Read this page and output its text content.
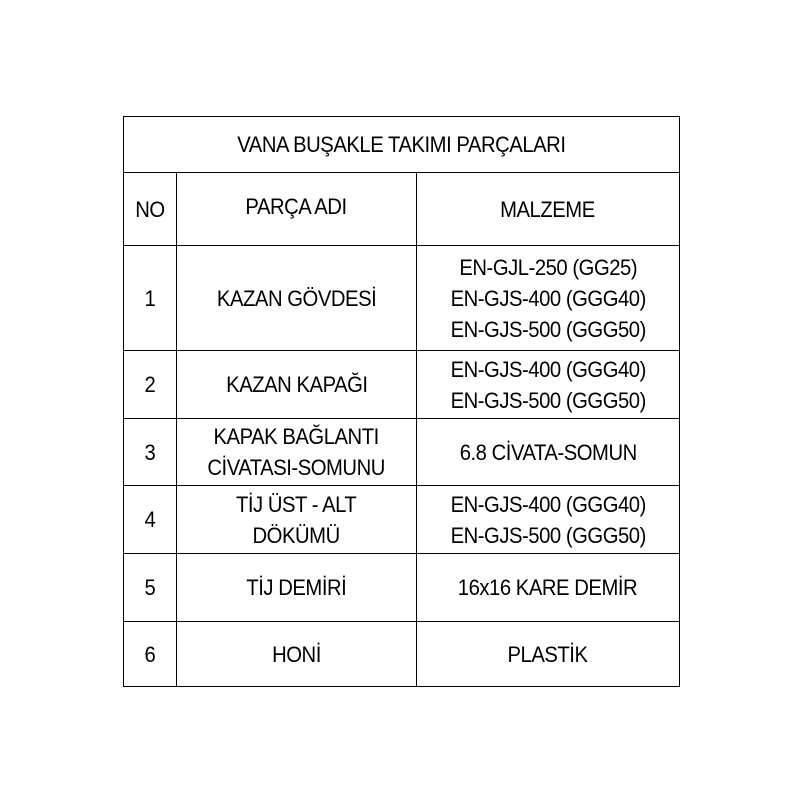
VANA BUŞAKLE TAKIMI PARÇALARI		
NO	PARÇA ADI	MALZEME
1	KAZAN GÖVDESİ	EN-GJL-250 (GG25)
EN-GJS-400 (GGG40)
EN-GJS-500 (GGG50)

2	KAZAN KAPAĞI	EN-GJS-400 (GGG40)
EN-GJS-500 (GGG50)

3	KAPAK BAĞLANTI
CİVATASI-SOMUNU	6.8 CİVATA-SOMUN
4	TİJ ÜST - ALT
DÖKÜMÜ	EN-GJS-400 (GGG40)
EN-GJS-500 (GGG50)

5	TİJ DEMİRİ	16x16 KARE DEMİR
6	HONİ	PLASTİK
